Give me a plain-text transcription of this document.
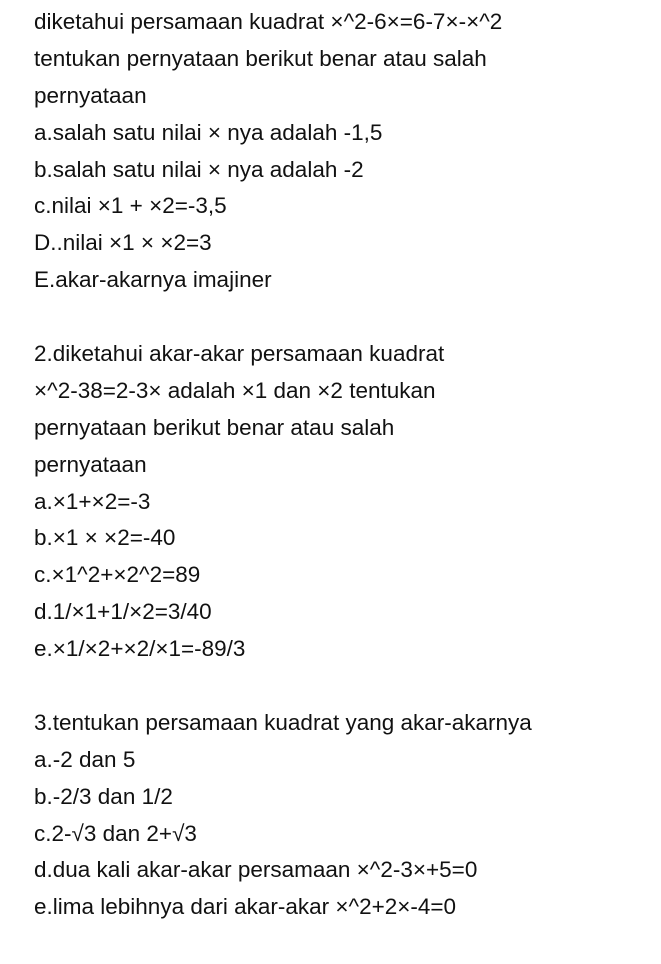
diketahui persamaan kuadrat ×^2-6×=6-7×-×^2
tentukan pernyataan berikut benar atau salah
pernyataan
a.salah satu nilai × nya adalah -1,5
b.salah satu nilai × nya adalah -2
c.nilai ×1 + ×2=-3,5
D..nilai ×1 × ×2=3
E.akar-akarnya imajiner
2.diketahui akar-akar persamaan kuadrat
×^2-38=2-3× adalah ×1 dan ×2 tentukan
pernyataan berikut benar atau salah
pernyataan
a.×1+×2=-3
b.×1 × ×2=-40
c.×1^2+×2^2=89
d.1/×1+1/×2=3/40
e.×1/×2+×2/×1=-89/3
3.tentukan persamaan kuadrat yang akar-akarnya
a.-2 dan 5
b.-2/3 dan 1/2
c.2-√3 dan 2+√3
d.dua kali akar-akar persamaan ×^2-3×+5=0
e.lima lebihnya dari akar-akar ×^2+2×-4=0
